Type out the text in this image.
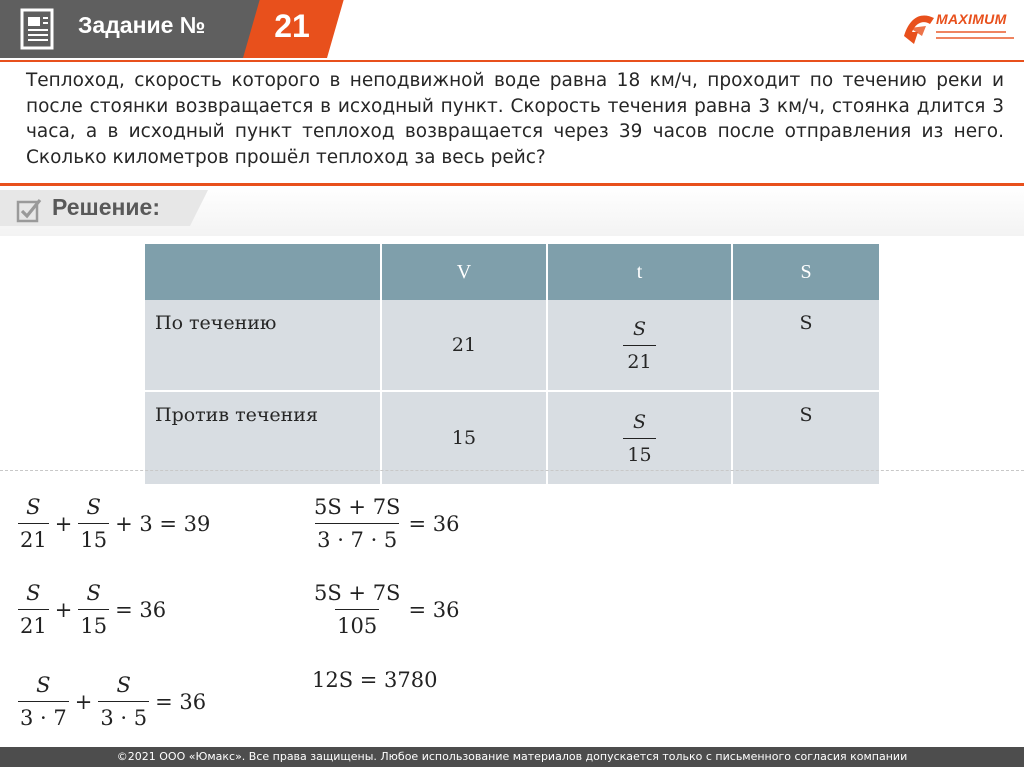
Задание №	21	MAXIMUM
Теплоход, скорость которого в неподвижной воде равна 18 км/ч, проходит по течению реки и после стоянки возвращается в исходный пункт. Скорость течения равна 3 км/ч, стоянка длится 3 часа, а в исходный пункт теплоход возвращается через 39 часов после отправления из него. Сколько километров прошёл теплоход за весь рейс?
Решение:
	V	t	S
По течению	21	$\frac{S}{21}$	S
Против течения	15	$\frac{S}{15}$	S
$\frac{S}{21} + \frac{S}{15} + 3 = 39$
$\frac{S}{21} + \frac{S}{15} = 36$
$\frac{S}{3 \cdot 7} + \frac{S}{3 \cdot 5} = 36$
$\frac{5S + 7S}{3 \cdot 7 \cdot 5} = 36$
$\frac{5S + 7S}{105} = 36$
12S = 3780
©2021 ООО «Юмакс». Все права защищены. Любое использование материалов допускается только с письменного согласия компании
